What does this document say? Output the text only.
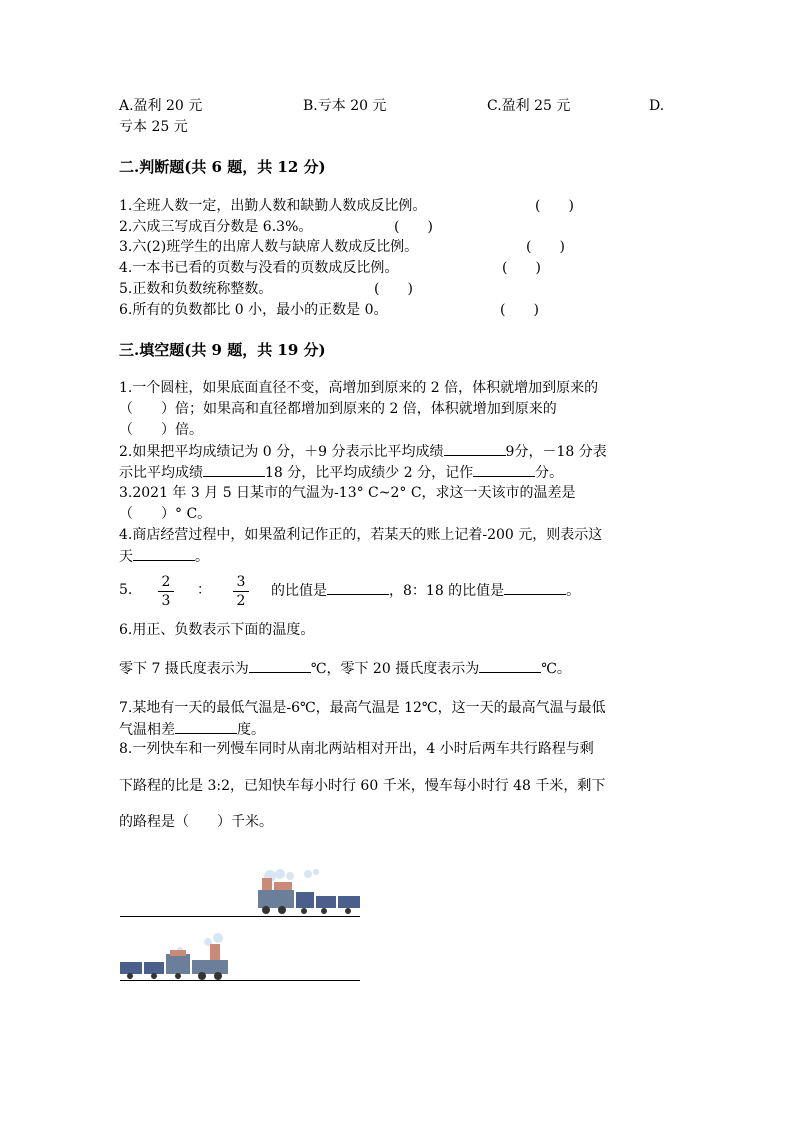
A.盈利 20 元	B.亏本 20 元	C.盈利 25 元	D.
亏本 25 元
二.判断题(共 6 题，共 12 分)
1.全班人数一定，出勤人数和缺勤人数成反比例。	(　　)
2.六成三写成百分数是 6.3%。	(　　)
3.六(2)班学生的出席人数与缺席人数成反比例。	(　　)
4.一本书已看的页数与没看的页数成反比例。	(　　)
5.正数和负数统称整数。	(　　)
6.所有的负数都比 0 小，最小的正数是 0。	(　　)
三.填空题(共 9 题，共 19 分)
1.一个圆柱，如果底面直径不变，高增加到原来的 2 倍，体积就增加到原来的
（　　）倍；如果高和直径都增加到原来的 2 倍，体积就增加到原来的
（　　）倍。
2.如果把平均成绩记为 0 分，＋9 分表示比平均成绩	9分，－18 分表
示比平均成绩	18 分，比平均成绩少 2 分，记作	分。
3.2021 年 3 月 5 日某市的气温为-13° C~2° C，求这一天该市的温差是
（　　）° C。
4.商店经营过程中，如果盈利记作正的，若某天的账上记着-200 元，则表示这
天	。
5. 2
3
： 3
2
的比值是	，8：18 的比值是	。
6.用正、负数表示下面的温度。
零下 7 摄氏度表示为	℃，零下 20 摄氏度表示为	℃。
7.某地有一天的最低气温是-6℃，最高气温是 12℃，这一天的最高气温与最低
气温相差	度。
8.一列快车和一列慢车同时从南北两站相对开出，4 小时后两车共行路程与剩
下路程的比是 3:2，已知快车每小时行 60 千米，慢车每小时行 48 千米，剩下
的路程是（　　）千米。
